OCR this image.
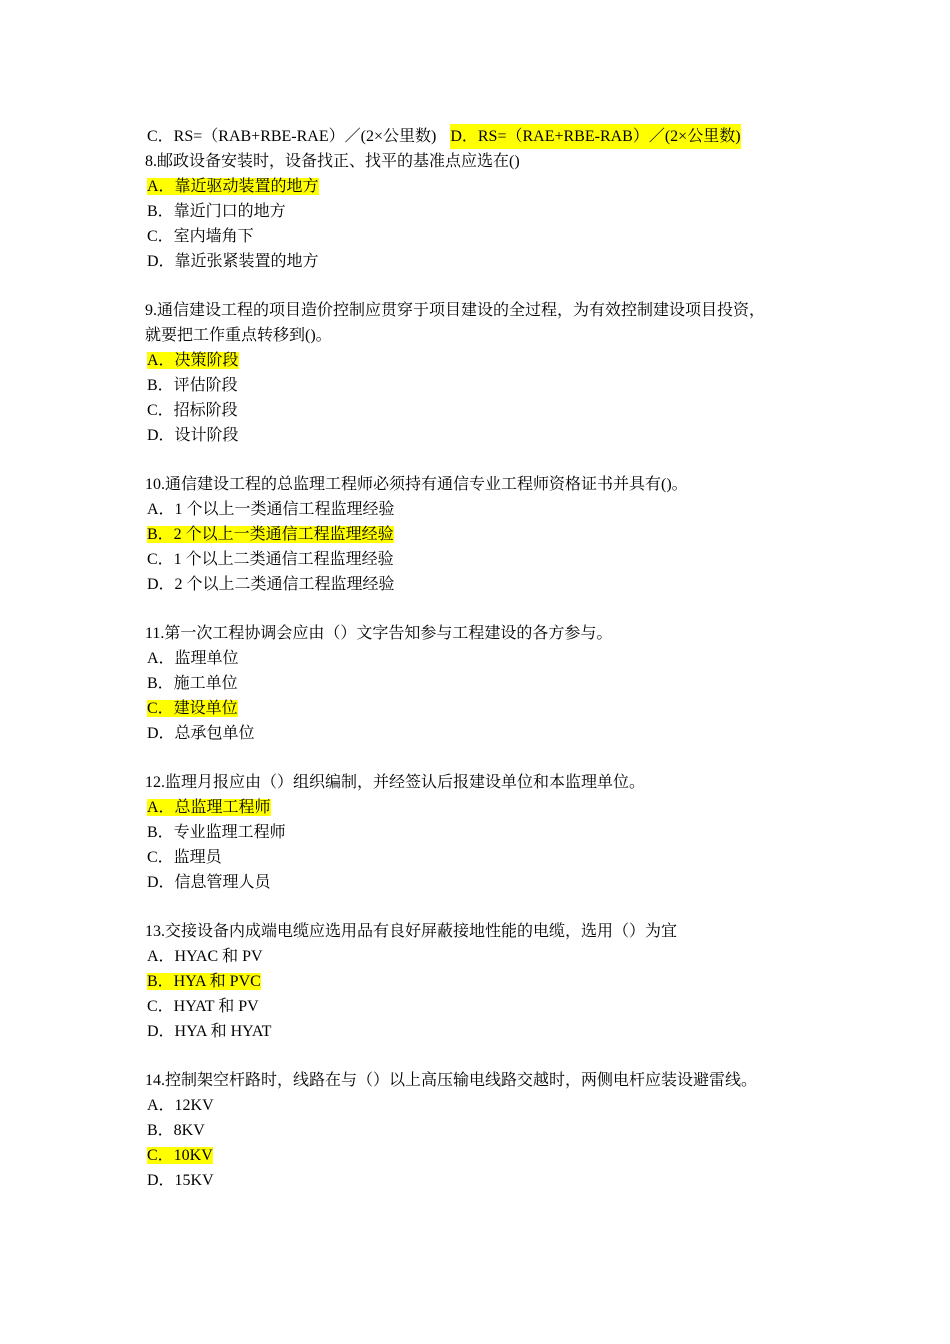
C．RS=（RAB+RBE-RAE）／(2×公里数) D．RS=（RAE+RBE-RAB）／(2×公里数)
8.邮政设备安装时，设备找正、找平的基准点应选在()
A．靠近驱动装置的地方
B．靠近门口的地方
C．室内墙角下
D．靠近张紧装置的地方
9.通信建设工程的项目造价控制应贯穿于项目建设的全过程，为有效控制建设项目投资，
就要把工作重点转移到()。
A．决策阶段
B．评估阶段
C．招标阶段
D．设计阶段
10.通信建设工程的总监理工程师必须持有通信专业工程师资格证书并具有()。
A．1 个以上一类通信工程监理经验
B．2 个以上一类通信工程监理经验
C．1 个以上二类通信工程监理经验
D．2 个以上二类通信工程监理经验
11.第一次工程协调会应由（）文字告知参与工程建设的各方参与。
A．监理单位
B．施工单位
C．建设单位
D．总承包单位
12.监理月报应由（）组织编制，并经签认后报建设单位和本监理单位。
A．总监理工程师
B．专业监理工程师
C．监理员
D．信息管理人员
13.交接设备内成端电缆应选用品有良好屏蔽接地性能的电缆，选用（）为宜
A．HYAC 和 PV
B．HYA 和 PVC
C．HYAT 和 PV
D．HYA 和 HYAT
14.控制架空杆路时，线路在与（）以上高压输电线路交越时，两侧电杆应装设避雷线。
A．12KV
B．8KV
C．10KV
D．15KV
